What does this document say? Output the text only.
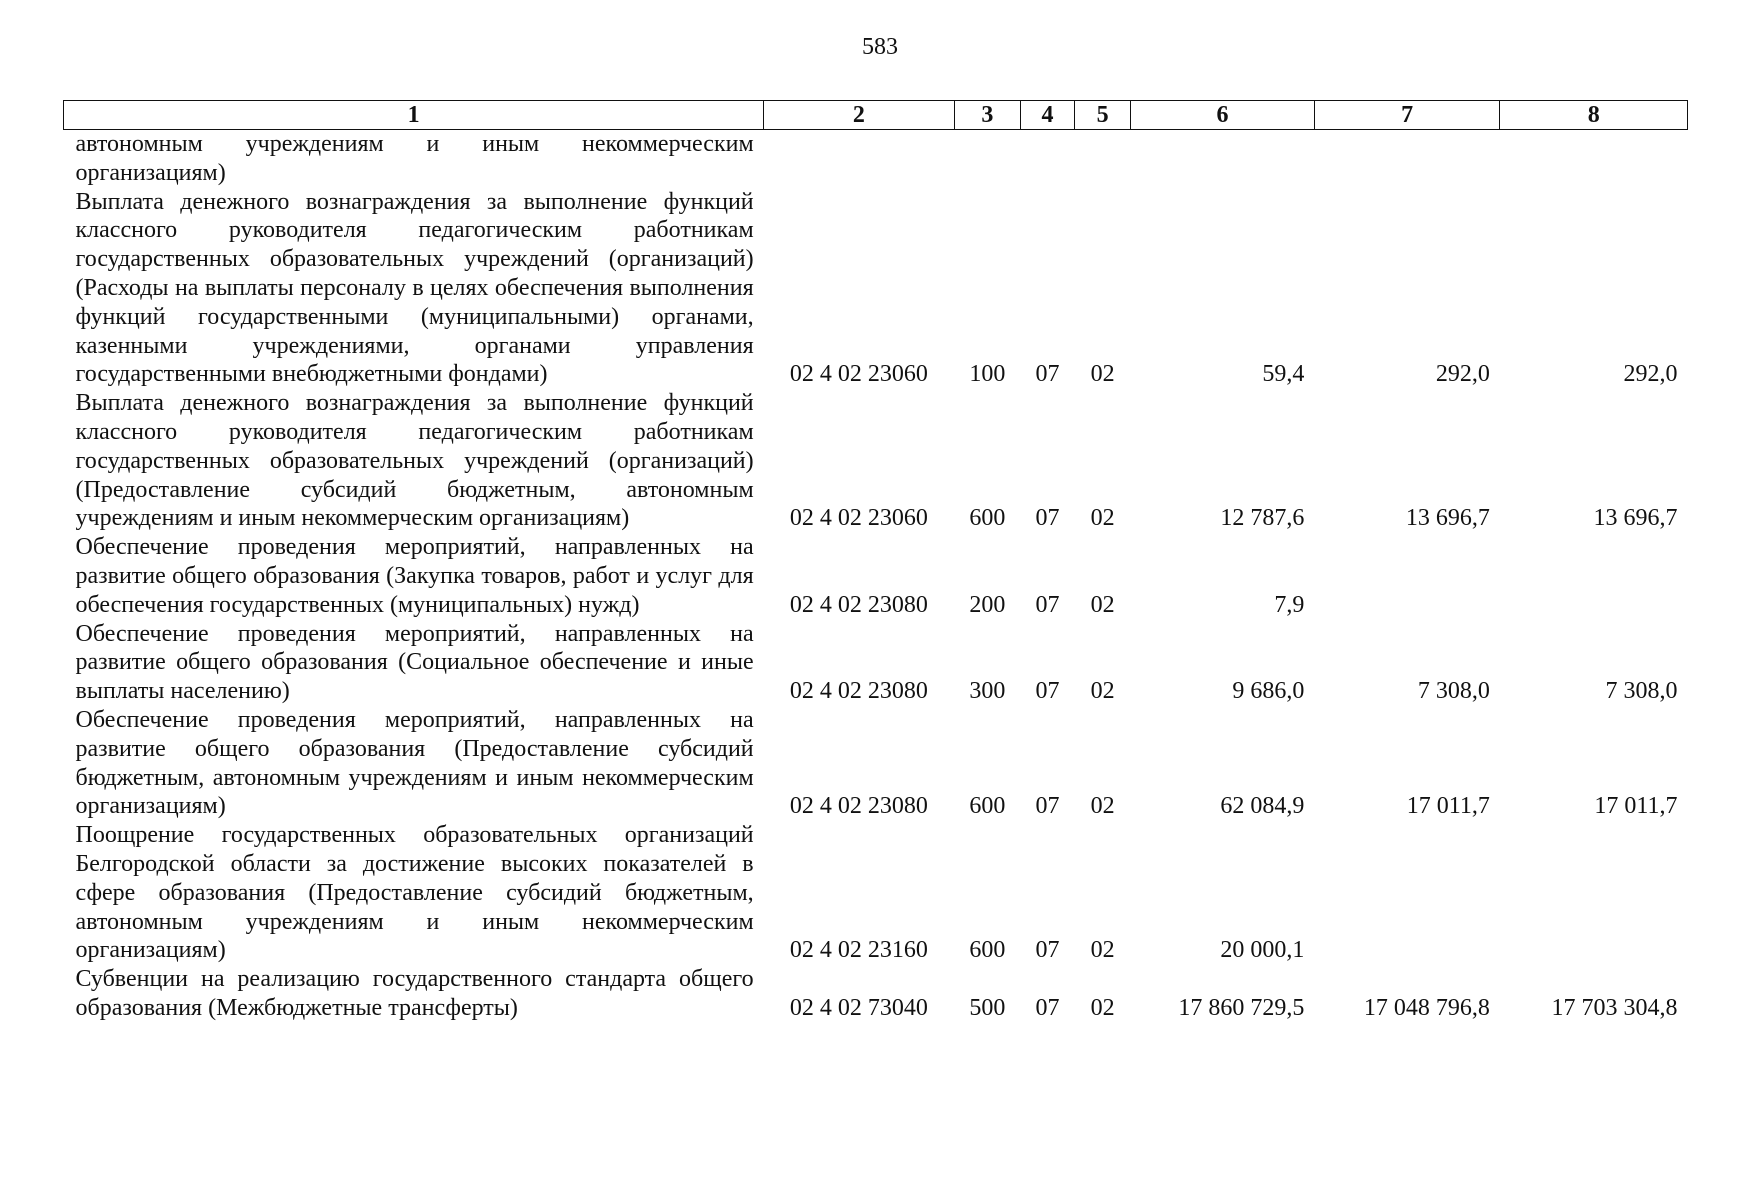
583
1	2	3	4	5	6	7	8
автономным учреждениям и иным некоммерческим организациям)							
Выплата денежного вознаграждения за выполнение функций классного руководителя педагогическим работникам государственных образовательных учреждений (организаций) (Расходы на выплаты персоналу в целях обеспечения выполнения функций государственными (муниципальными) органами, казенными учреждениями, органами управления государственными внебюджетными фондами)	02 4 02 23060	100	07	02	59,4	292,0	292,0
Выплата денежного вознаграждения за выполнение функций классного руководителя педагогическим работникам государственных образовательных учреждений (организаций)(Предоставление субсидий бюджетным, автономным учреждениям и иным некоммерческим организациям)	02 4 02 23060	600	07	02	12 787,6	13 696,7	13 696,7
Обеспечение проведения мероприятий, направленных на развитие общего образования (Закупка товаров, работ и услуг для обеспечения государственных (муниципальных) нужд)	02 4 02 23080	200	07	02	7,9		
Обеспечение проведения мероприятий, направленных на развитие общего образования (Социальное обеспечение и иные выплаты населению)	02 4 02 23080	300	07	02	9 686,0	7 308,0	7 308,0
Обеспечение проведения мероприятий, направленных на развитие общего образования (Предоставление субсидий бюджетным, автономным учреждениям и иным некоммерческим организациям)	02 4 02 23080	600	07	02	62 084,9	17 011,7	17 011,7
Поощрение государственных образовательных организаций Белгородской области за достижение высоких показателей в сфере образования (Предоставление субсидий бюджетным, автономным учреждениям и иным некоммерческим организациям)	02 4 02 23160	600	07	02	20 000,1		
Субвенции на реализацию государственного стандарта общего образования (Межбюджетные трансферты)	02 4 02 73040	500	07	02	17 860 729,5	17 048 796,8	17 703 304,8
